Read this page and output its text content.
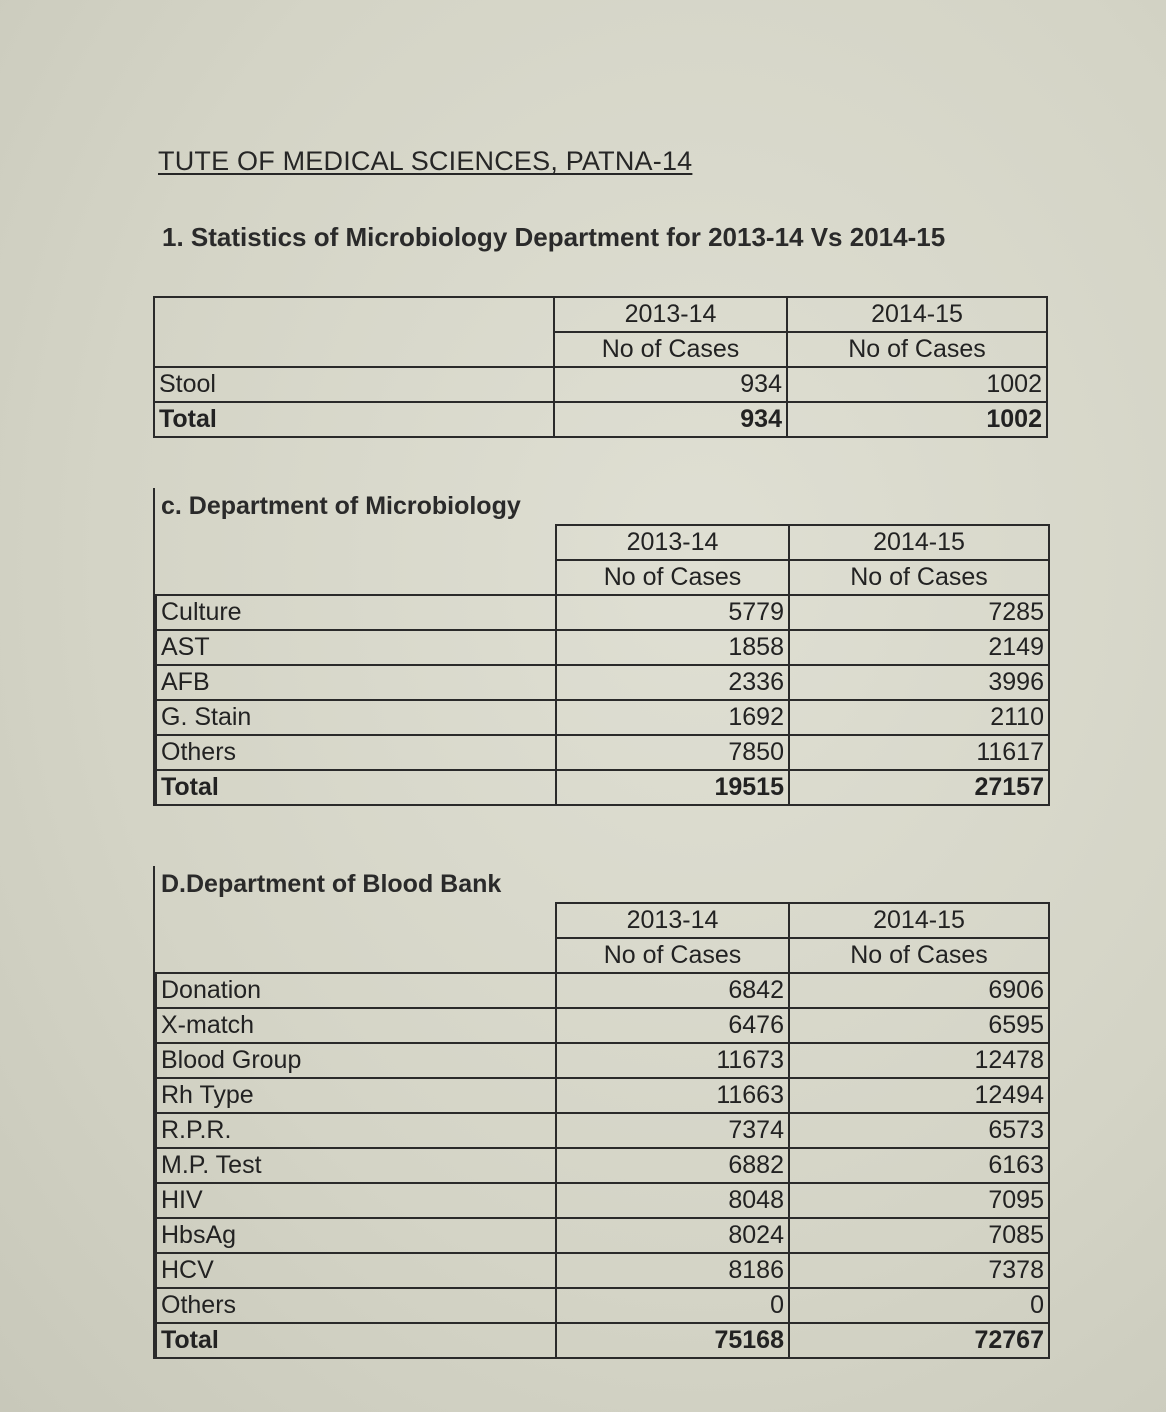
TUTE OF MEDICAL SCIENCES, PATNA-14
1. Statistics of Microbiology Department for 2013-14 Vs 2014-15
	2013-14	2014-15
	No of Cases	No of Cases
Stool	934	1002
Total	934	1002

c. Department of Microbiology

	2013-14	2014-15
	No of Cases	No of Cases
Culture	5779	7285
AST	1858	2149
AFB	2336	3996
G. Stain	1692	2110
Others	7850	11617
Total	19515	27157

D.Department of Blood Bank

	2013-14	2014-15
	No of Cases	No of Cases
Donation	6842	6906
X-match	6476	6595
Blood Group	11673	12478
Rh Type	11663	12494
R.P.R.	7374	6573
M.P. Test	6882	6163
HIV	8048	7095
HbsAg	8024	7085
HCV	8186	7378
Others	0	0
Total	75168	72767
